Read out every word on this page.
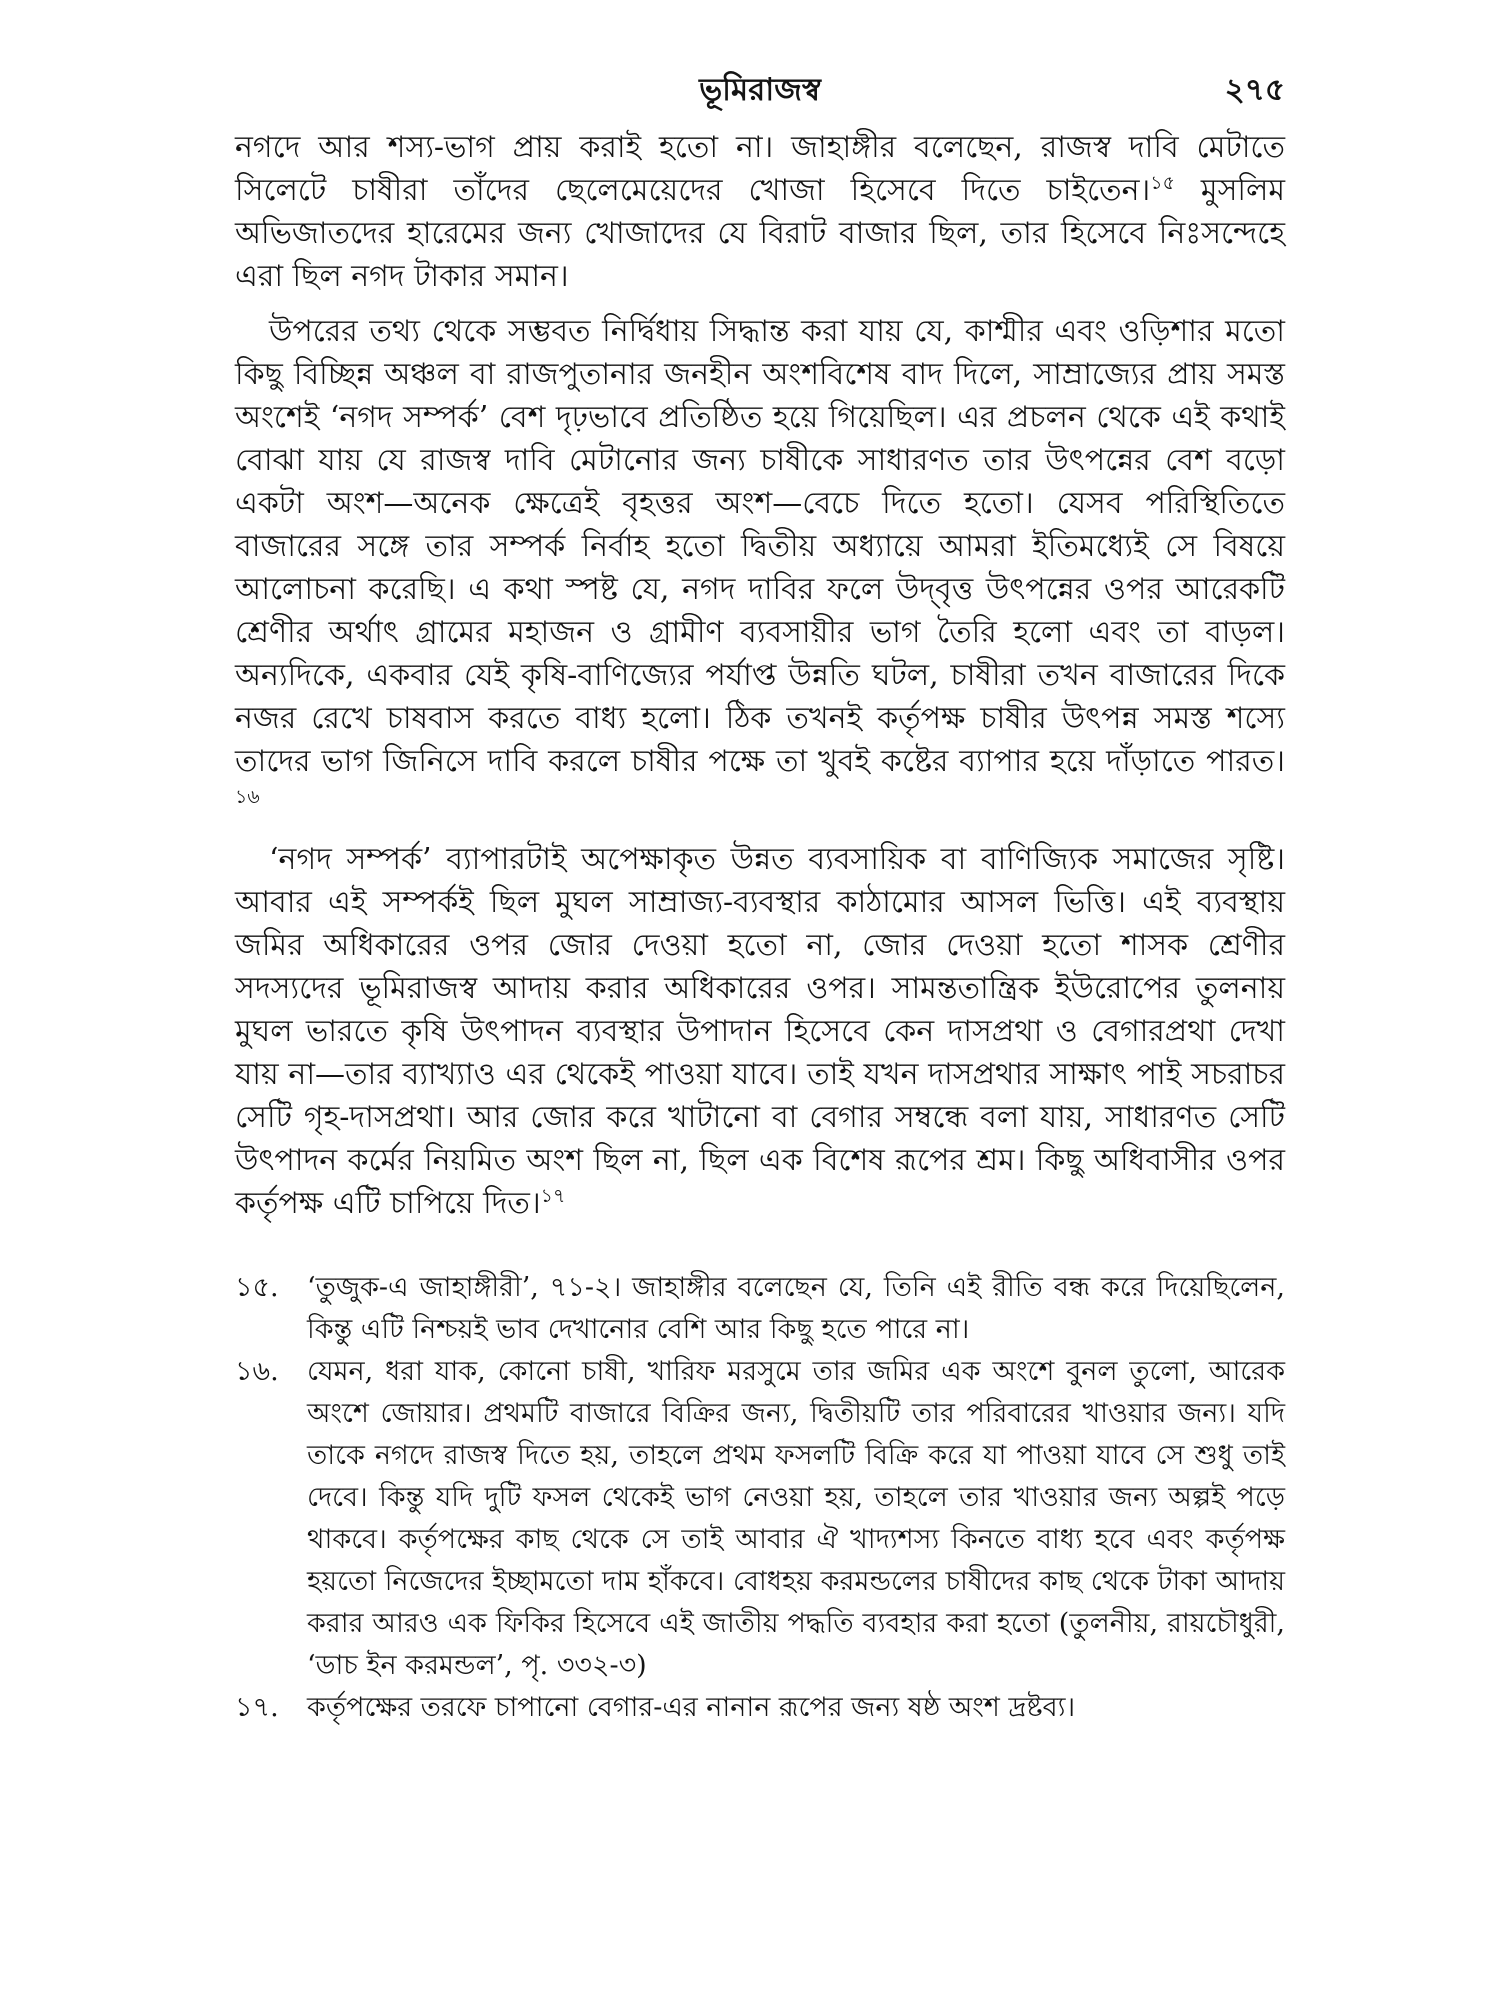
ভূমিরাজস্ব	২৭৫

নগদে আর শস্য-ভাগ প্রায় করাই হতো না। জাহাঙ্গীর বলেছেন, রাজস্ব দাবি মেটাতে সিলেটে চাষীরা তাঁদের ছেলেমেয়েদের খোজা হিসেবে দিতে চাইতেন।$^{১৫}$ মুসলিম অভিজাতদের হারেমের জন্য খোজাদের যে বিরাট বাজার ছিল, তার হিসেবে নিঃসন্দেহে এরা ছিল নগদ টাকার সমান।

উপরের তথ্য থেকে সম্ভবত নির্দ্বিধায় সিদ্ধান্ত করা যায় যে, কাশ্মীর এবং ওড়িশার মতো কিছু বিচ্ছিন্ন অঞ্চল বা রাজপুতানার জনহীন অংশবিশেষ বাদ দিলে, সাম্রাজ্যের প্রায় সমস্ত অংশেই ‘নগদ সম্পর্ক’ বেশ দৃঢ়ভাবে প্রতিষ্ঠিত হয়ে গিয়েছিল। এর প্রচলন থেকে এই কথাই বোঝা যায় যে রাজস্ব দাবি মেটানোর জন্য চাষীকে সাধারণত তার উৎপন্নের বেশ বড়ো একটা অংশ—অনেক ক্ষেত্রেই বৃহত্তর অংশ—বেচে দিতে হতো। যেসব পরিস্থিতিতে বাজারের সঙ্গে তার সম্পর্ক নির্বাহ হতো দ্বিতীয় অধ্যায়ে আমরা ইতিমধ্যেই সে বিষয়ে আলোচনা করেছি। এ কথা স্পষ্ট যে, নগদ দাবির ফলে উদ্‌বৃত্ত উৎপন্নের ওপর আরেকটি শ্রেণীর অর্থাৎ গ্রামের মহাজন ও গ্রামীণ ব্যবসায়ীর ভাগ তৈরি হলো এবং তা বাড়ল। অন্যদিকে, একবার যেই কৃষি-বাণিজ্যের পর্যাপ্ত উন্নতি ঘটল, চাষীরা তখন বাজারের দিকে নজর রেখে চাষবাস করতে বাধ্য হলো। ঠিক তখনই কর্তৃপক্ষ চাষীর উৎপন্ন সমস্ত শস্যে তাদের ভাগ জিনিসে দাবি করলে চাষীর পক্ষে তা খুবই কষ্টের ব্যাপার হয়ে দাঁড়াতে পারত।$^{১৬}$

‘নগদ সম্পর্ক’ ব্যাপারটাই অপেক্ষাকৃত উন্নত ব্যবসায়িক বা বাণিজ্যিক সমাজের সৃষ্টি। আবার এই সম্পর্কই ছিল মুঘল সাম্রাজ্য-ব্যবস্থার কাঠামোর আসল ভিত্তি। এই ব্যবস্থায় জমির অধিকারের ওপর জোর দেওয়া হতো না, জোর দেওয়া হতো শাসক শ্রেণীর সদস্যদের ভূমিরাজস্ব আদায় করার অধিকারের ওপর। সামন্ততান্ত্রিক ইউরোপের তুলনায় মুঘল ভারতে কৃষি উৎপাদন ব্যবস্থার উপাদান হিসেবে কেন দাসপ্রথা ও বেগারপ্রথা দেখা যায় না—তার ব্যাখ্যাও এর থেকেই পাওয়া যাবে। তাই যখন দাসপ্রথার সাক্ষাৎ পাই সচরাচর সেটি গৃহ-দাসপ্রথা। আর জোর করে খাটানো বা বেগার সম্বন্ধে বলা যায়, সাধারণত সেটি উৎপাদন কর্মের নিয়মিত অংশ ছিল না, ছিল এক বিশেষ রূপের শ্রম। কিছু অধিবাসীর ওপর কর্তৃপক্ষ এটি চাপিয়ে দিত।$^{১৭}$

১৫.	‘তুজুক-এ জাহাঙ্গীরী’, ৭১-২। জাহাঙ্গীর বলেছেন যে, তিনি এই রীতি বন্ধ করে দিয়েছিলেন, কিন্তু এটি নিশ্চয়ই ভাব দেখানোর বেশি আর কিছু হতে পারে না।
১৬.	যেমন, ধরা যাক, কোনো চাষী, খারিফ মরসুমে তার জমির এক অংশে বুনল তুলো, আরেক অংশে জোয়ার। প্রথমটি বাজারে বিক্রির জন্য, দ্বিতীয়টি তার পরিবারের খাওয়ার জন্য। যদি তাকে নগদে রাজস্ব দিতে হয়, তাহলে প্রথম ফসলটি বিক্রি করে যা পাওয়া যাবে সে শুধু তাই দেবে। কিন্তু যদি দুটি ফসল থেকেই ভাগ নেওয়া হয়, তাহলে তার খাওয়ার জন্য অল্পই পড়ে থাকবে। কর্তৃপক্ষের কাছ থেকে সে তাই আবার ঐ খাদ্যশস্য কিনতে বাধ্য হবে এবং কর্তৃপক্ষ হয়তো নিজেদের ইচ্ছামতো দাম হাঁকবে। বোধহয় করমন্ডলের চাষীদের কাছ থেকে টাকা আদায় করার আরও এক ফিকির হিসেবে এই জাতীয় পদ্ধতি ব্যবহার করা হতো (তুলনীয়, রায়চৌধুরী, ‘ডাচ ইন করমন্ডল’, পৃ. ৩৩২-৩)
১৭.	কর্তৃপক্ষের তরফে চাপানো বেগার-এর নানান রূপের জন্য ষষ্ঠ অংশ দ্রষ্টব্য।
